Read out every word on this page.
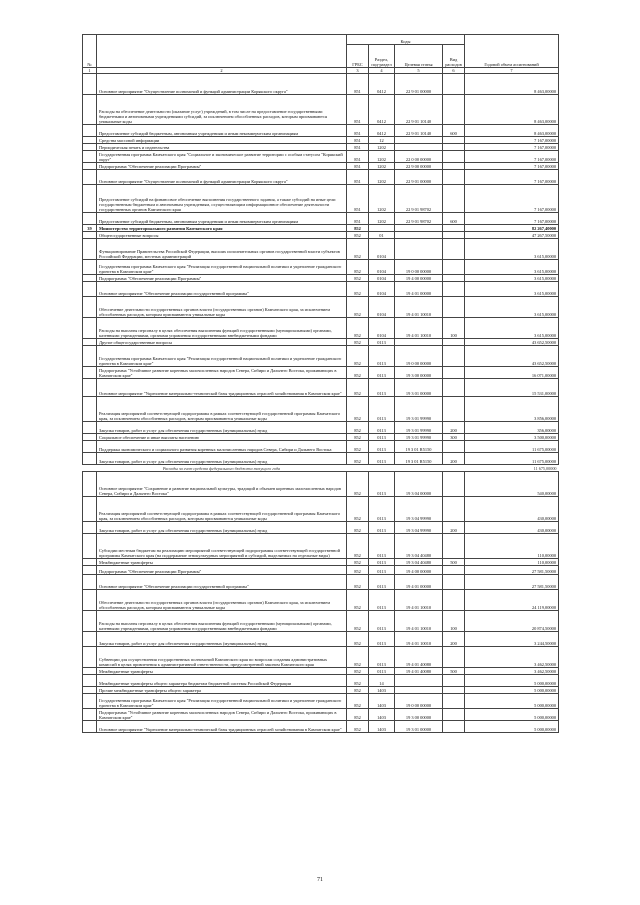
№		Коды				Годовой объем ассигнований
		ГРБС	Раздел, под-раздел	Целевая статья	Вид расходов	
1	2	3	4	5	6	7
	Основное мероприятие "Осуществление полномочий и функций администрации Корякского округа"	851	0412	22 9 01 00000		8 463,00000
	Расходы на обеспечение деятельности (оказание услуг) учреждений, в том числе на предоставление государственными бюджетными и автономными учреждениями субсидий, за исключением обособленных расходов, которым присваиваются уникальные коды	851	0412	22 9 01 10140		8 463,00000
	Предоставление субсидий бюджетным, автономным учреждениям и иным некоммерческим организациям	851	0412	22 9 01 10140	600	8 463,00000
	Средства массовой информации	851	12			7 167,00000
	Периодическая печать и издательства	851	1202			7 167,00000
	Государственная программа Камчатского края "Социальное и экономическое развитие территории с особым статусом "Корякский округ"	851	1202	22 0 00 00000		7 167,00000
	Подпрограмма "Обеспечение реализации Программы"	851	1202	22 9 00 00000		7 167,00000
	Основное мероприятие "Осуществление полномочий и функций администрации Корякского округа"	851	1202	22 9 01 00000		7 167,00000
	Предоставление субсидий на финансовое обеспечение выполнения государственного задания, а также субсидий на иные цели государственным бюджетным и автономным учреждениям, осуществляющим информационное обеспечение деятельности государственных органов Камчатского края	851	1202	22 9 01 98702		7 167,00000
	Предоставление субсидий бюджетным, автономным учреждениям и иным некоммерческим организациям	851	1202	22 9 01 98702	600	7 167,00000
39	Министерство территориального развития Камчатского края	852				82 267,40000
	Общегосударственные вопросы	852	01			47 267,50000
	Функционирование Правительства Российской Федерации, высших исполнительных органов государственной власти субъектов Российской Федерации, местных администраций	852	0104			3 615,00000
	Государственная программа Камчатского края "Реализация государственной национальной политики и укрепление гражданского единства в Камчатском крае"	852	0104	19 0 00 00000		3 615,00000
	Подпрограмма "Обеспечение реализации Программы"	852	0104	19 4 00 00000		3 615,00000
	Основное мероприятие "Обеспечение реализации государственной программы"	852	0104	19 4 01 00000		3 615,00000
	Обеспечение деятельности государственных органов власти (государственных органов) Камчатского края, за исключением обособленных расходов, которым присваиваются уникальные коды	852	0104	19 4 01 10010		3 615,00000
	Расходы на выплаты персоналу в целях обеспечения выполнения функций государственными (муниципальными) органами, казенными учреждениями, органами управления государственными внебюджетными фондами	852	0104	19 4 01 10010	100	3 615,00000
	Другие общегосударственные вопросы	852	0113			43 652,50000
	Государственная программа Камчатского края "Реализация государственной национальной политики и укрепление гражданского единства в Камчатском крае"	852	0113	19 0 00 00000		43 652,50000
	Подпрограмма "Устойчивое развитие коренных малочисленных народов Севера, Сибири и Дальнего Востока, проживающих в Камчатском крае"	852	0113	19 3 00 00000		16 071,00000
	Основное мероприятие "Укрепление материально-технической базы традиционных отраслей хозяйствования в Камчатском крае"	852	0113	19 3 01 00000		15 531,00000
	Реализация мероприятий соответствующей подпрограммы в рамках соответствующей государственной программы Камчатского края, за исключением обособленных расходов, которым присваиваются уникальные коды	852	0113	19 3 01 99990		3 856,00000
	Закупка товаров, работ и услуг для обеспечения государственных (муниципальных) нужд	852	0113	19 3 01 99990	200	356,00000
	Социальное обеспечение и иные выплаты населению	852	0113	19 3 01 99990	300	3 500,00000
	Поддержка экономического и социального развития коренных малочисленных народов Севера, Сибири и Дальнего Востока	852	0113	19 3 01 R5150		11 675,00000
	Закупка товаров, работ и услуг для обеспечения государственных (муниципальных) нужд	852	0113	19 3 01 R5150	200	11 675,00000
	Расходы за счет средств федерального бюджета текущего года					11 675,00000
	Основное мероприятие "Сохранение и развитие национальной культуры, традиций и обычаев коренных малочисленных народов Севера, Сибири и Дальнего Востока"	852	0113	19 3 04 00000		540,00000
	Реализация мероприятий соответствующей подпрограммы в рамках соответствующей государственной программы Камчатского края, за исключением обособленных расходов, которым присваиваются уникальные коды	852	0113	19 3 04 99990		430,00000
	Закупка товаров, работ и услуг для обеспечения государственных (муниципальных) нужд	852	0113	19 3 04 99990	200	430,00000
	Субсидии местным бюджетам на реализацию мероприятий соответствующей подпрограммы соответствующей государственной программы Камчатского края (на поддержание этнокультурных мероприятий и субсидий, выделяемых на отдельные виды)	852	0113	19 3 04 40480		110,00000
	Межбюджетные трансферты	852	0113	19 3 04 40480	500	110,00000
	Подпрограмма "Обеспечение реализации Программы"	852	0113	19 4 00 00000		27 581,50000
	Основное мероприятие "Обеспечение реализации государственной программы"	852	0113	19 4 01 00000		27 581,50000
	Обеспечение деятельности государственных органов власти (государственных органов) Камчатского края, за исключением обособленных расходов, которым присваиваются уникальные коды	852	0113	19 4 01 10010		24 119,00000
	Расходы на выплаты персоналу в целях обеспечения выполнения функций государственными (муниципальными) органами, казенными учреждениями, органами управления государственными внебюджетными фондами	852	0113	19 4 01 10010	100	20 874,50000
	Закупка товаров, работ и услуг для обеспечения государственных (муниципальных) нужд	852	0113	19 4 01 10010	200	3 244,50000
	Субвенции для осуществления государственных полномочий Камчатского края по вопросам создания административных комиссий в целях привлечения к административной ответственности, предусмотренной законом Камчатского края	852	0113	19 4 01 40080		3 462,50000
	Межбюджетные трансферты	852	0113	19 4 01 40080	500	3 462,50000
	Межбюджетные трансферты общего характера бюджетам бюджетной системы Российской Федерации	852	14			5 000,00000
	Прочие межбюджетные трансферты общего характера	852	1403			5 000,00000
	Государственная программа Камчатского края "Реализация государственной национальной политики и укрепление гражданского единства в Камчатском крае"	852	1403	19 0 00 00000		5 000,00000
	Подпрограмма "Устойчивое развитие коренных малочисленных народов Севера, Сибири и Дальнего Востока, проживающих в Камчатском крае"	852	1403	19 3 00 00000		5 000,00000
	Основное мероприятие "Укрепление материально-технической базы традиционных отраслей хозяйствования в Камчатском крае"	852	1403	19 3 01 00000		5 000,00000
71
